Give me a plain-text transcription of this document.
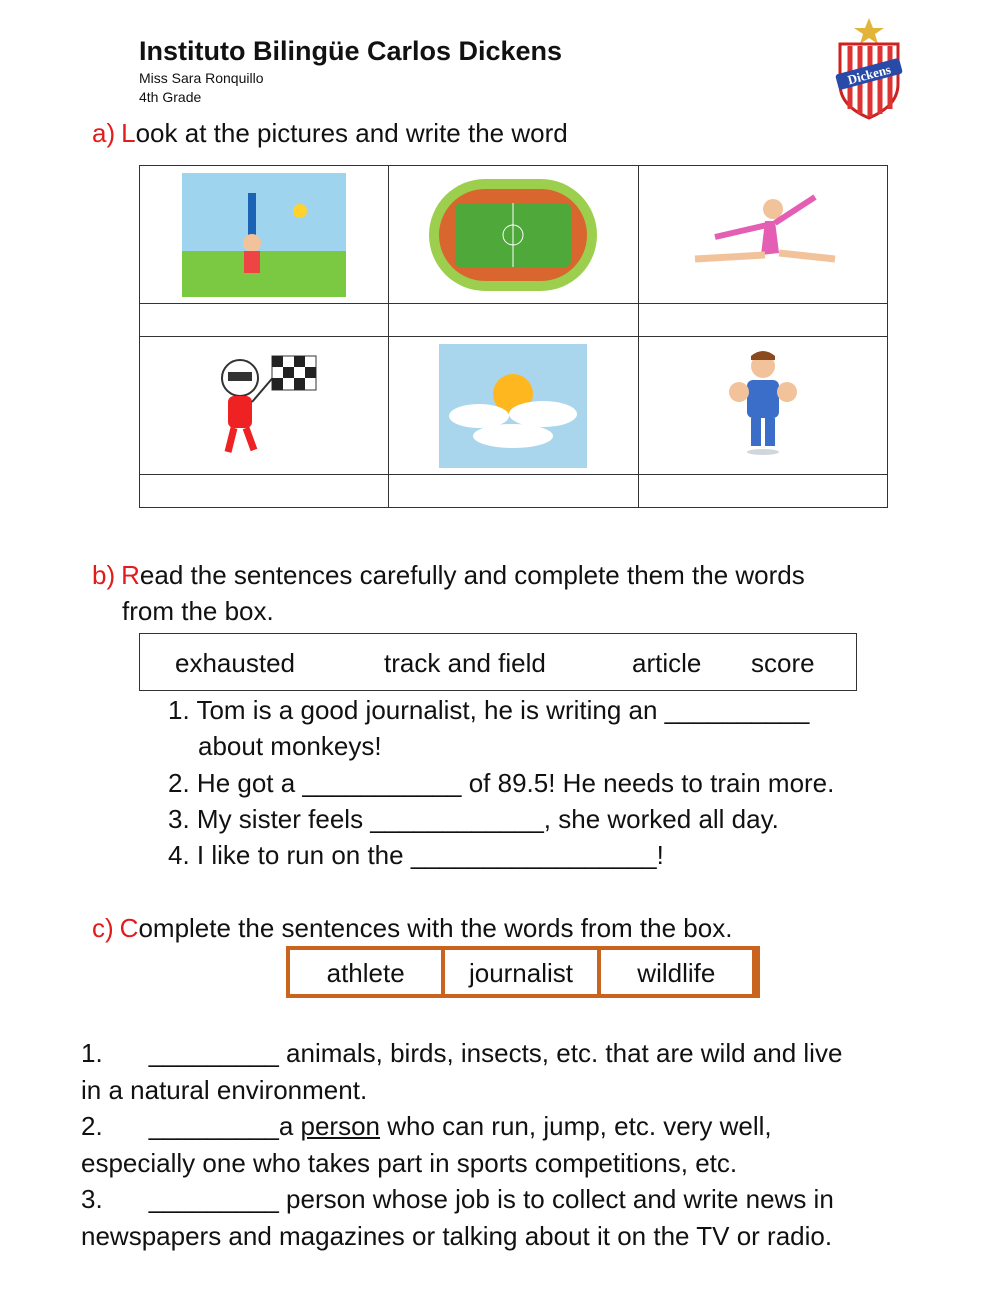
Instituto Bilingüe Carlos Dickens
Miss Sara Ronquillo
4th Grade
Dickens
a) Look at the pictures and write the word

b) Read the sentences carefully and complete them the words
from the box.
exhausted	track and field	article score
1. Tom is a good journalist, he is writing an __________
about monkeys!
2. He got a ___________ of 89.5! He needs to train more.
3. My sister feels ____________, she worked all day.
4. I like to run on the _________________!
c) Complete the sentences with the words from the box.
athlete	journalist	wildlife
1. _________ animals, birds, insects, etc. that are wild and live
in a natural environment.
2. _________a person who can run, jump, etc. very well,
especially one who takes part in sports competitions, etc.
3. _________ person whose job is to collect and write news in
newspapers and magazines or talking about it on the TV or radio.
